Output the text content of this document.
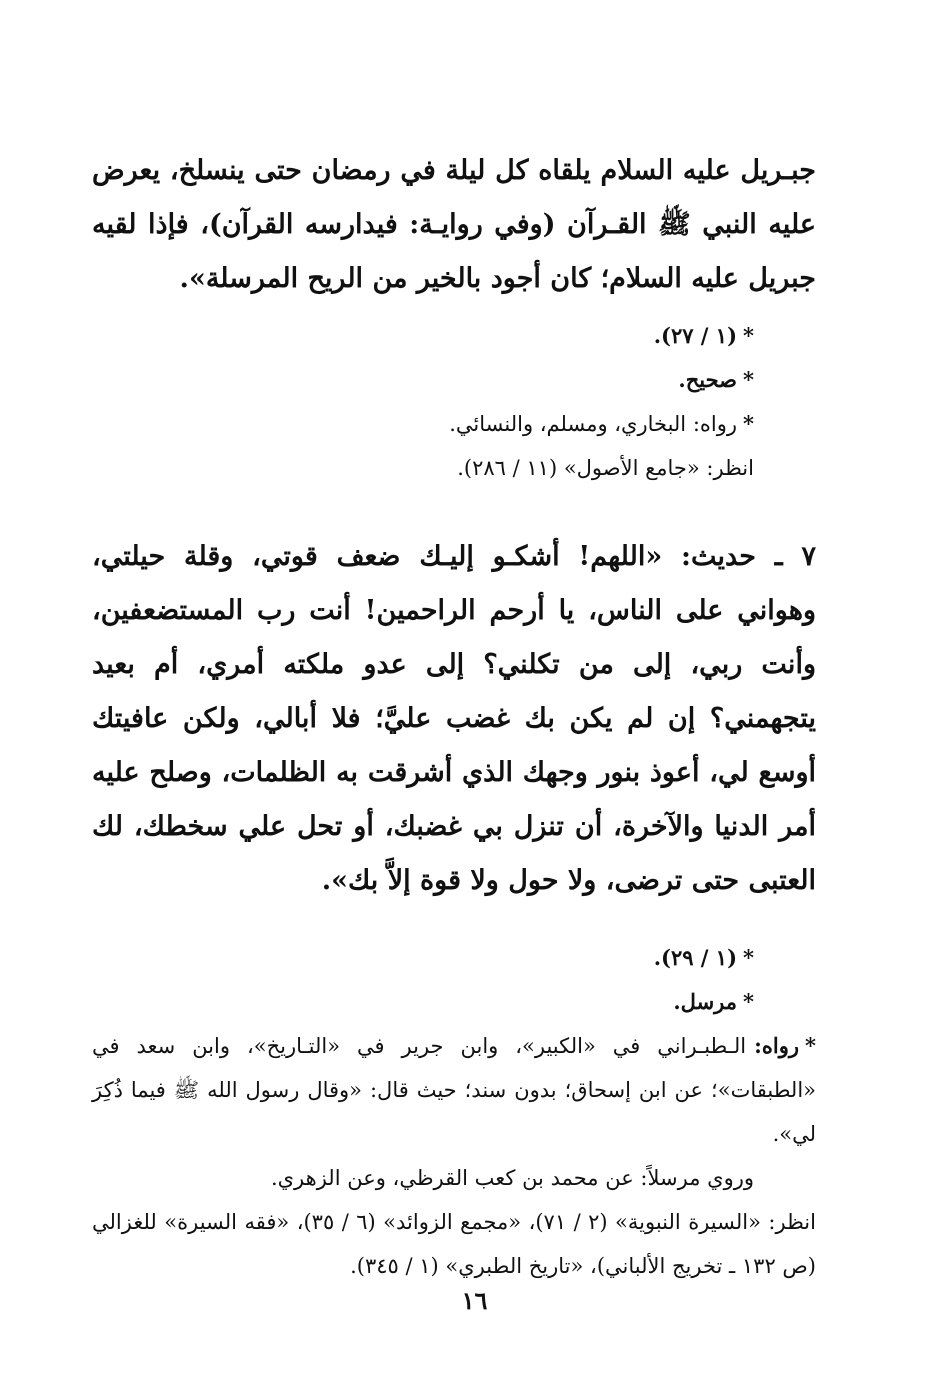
جبـريل عليه السلام يلقاه كل ليلة في رمضان حتى ينسلخ، يعرض عليه النبي ﷺ القـرآن (وفي روايـة: فيدارسه القرآن)، فإذا لقيه جبريل عليه السلام؛ كان أجود بالخير من الريح المرسلة».

*(١ / ٢٧).

*صحيح.

*رواه: البخاري، ومسلم، والنسائي.

انظر: «جامع الأصول» (١١ / ٢٨٦).

٧ ـ حديث: «اللهم! أشكـو إليـك ضعف قوتي، وقلة حيلتي، وهواني على الناس، يا أرحم الراحمين! أنت رب المستضعفين، وأنت ربي، إلى من تكلني؟ إلى عدو ملكته أمري، أم بعيد يتجهمني؟ إن لم يكن بك غضب عليَّ؛ فلا أبالي، ولكن عافيتك أوسع لي، أعوذ بنور وجهك الذي أشرقت به الظلمات، وصلح عليه أمر الدنيا والآخرة، أن تنزل بي غضبك، أو تحل علي سخطك، لك العتبى حتى ترضى، ولا حول ولا قوة إلاَّ بك».

*(١ / ٢٩).

*مرسل.

*رواه:الـطبـراني في «الكبير»، وابن جرير في «التـاريخ»، وابن سعد في «الطبقات»؛ عن ابن إسحاق؛ بدون سند؛ حيث قال: «وقال رسول الله ﷺ فيما ذُكِرَ لي».

وروي مرسلاً: عن محمد بن كعب القرظي، وعن الزهري.

انظر: «السيرة النبوية» (٢ / ٧١)، «مجمع الزوائد» (٦ / ٣٥)، «فقه السيرة» للغزالي (ص ١٣٢ ـ تخريج الألباني)، «تاريخ الطبري» (١ / ٣٤٥).

١٦
